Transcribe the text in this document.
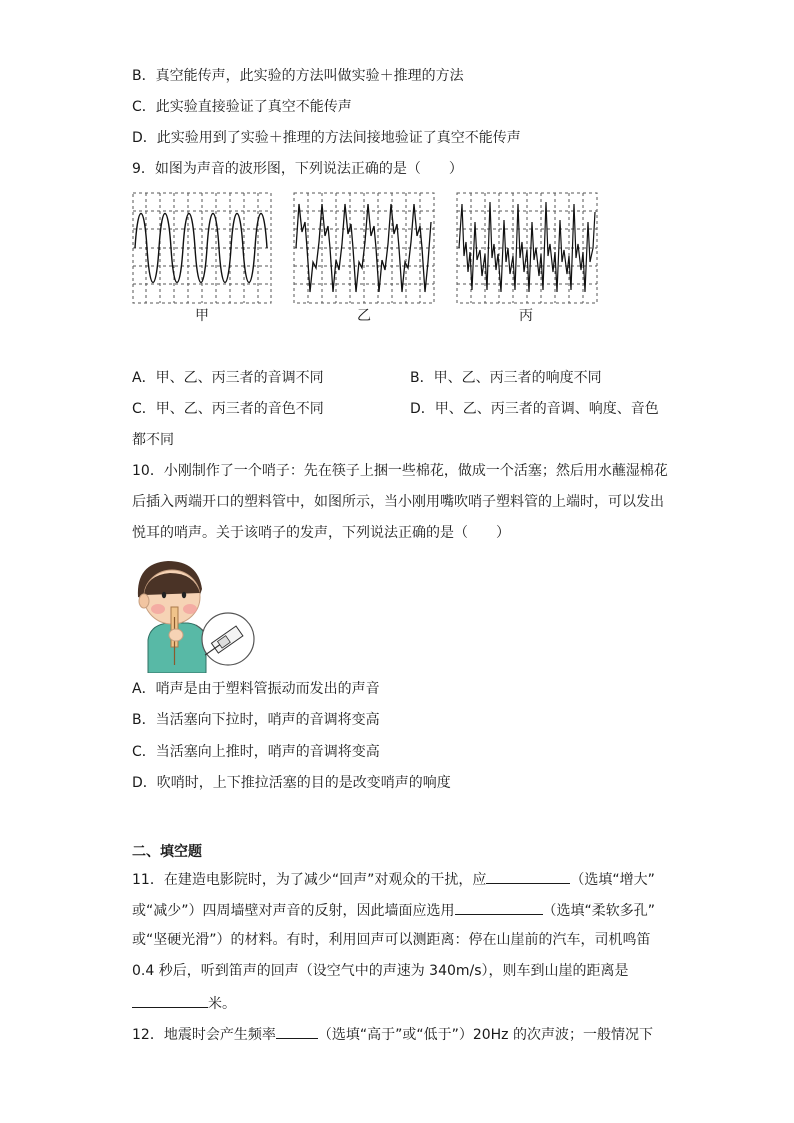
B．真空能传声，此实验的方法叫做实验＋推理的方法
C．此实验直接验证了真空不能传声
D．此实验用到了实验＋推理的方法间接地验证了真空不能传声
9．如图为声音的波形图，下列说法正确的是（　　）
甲	乙	丙
A．甲、乙、丙三者的音调不同	B．甲、乙、丙三者的响度不同
C．甲、乙、丙三者的音色不同	D．甲、乙、丙三者的音调、响度、音色
都不同
10．小刚制作了一个哨子：先在筷子上捆一些棉花，做成一个活塞；然后用水蘸湿棉花
后插入两端开口的塑料管中，如图所示，当小刚用嘴吹哨子塑料管的上端时，可以发出
悦耳的哨声。关于该哨子的发声，下列说法正确的是（　　）
A．哨声是由于塑料管振动而发出的声音
B．当活塞向下拉时，哨声的音调将变高
C．当活塞向上推时，哨声的音调将变高
D．吹哨时，上下推拉活塞的目的是改变哨声的响度
二、填空题
11．在建造电影院时，为了减少“回声”对观众的干扰，应	（选填“增大”
或“减少”）四周墙壁对声音的反射，因此墙面应选用	（选填“柔软多孔”
或“坚硬光滑”）的材料。有时，利用回声可以测距离：停在山崖前的汽车，司机鸣笛
0.4 秒后，听到笛声的回声（设空气中的声速为 340m/s），则车到山崖的距离是
米。
12．地震时会产生频率	（选填“高于”或“低于”）20Hz 的次声波；一般情况下
